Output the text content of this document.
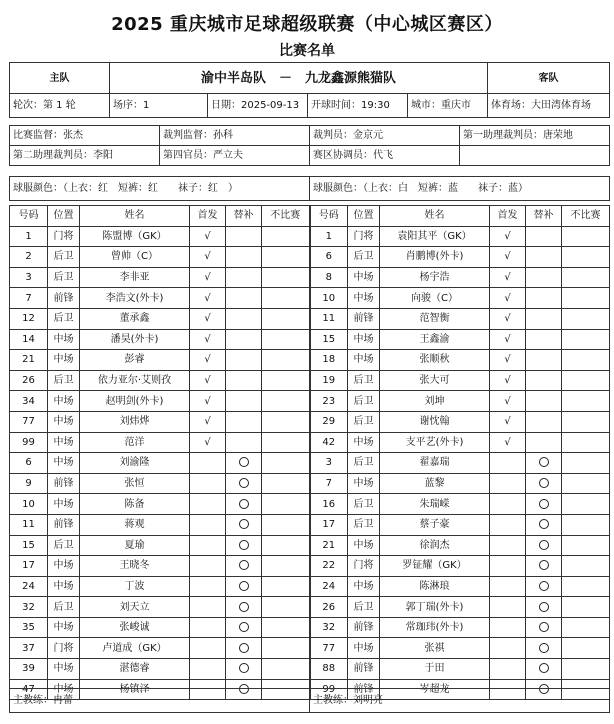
2025 重庆城市足球超级联赛（中心城区赛区）
比赛名单
主队	渝中半岛队　－　九龙鑫源熊猫队				客队
轮次：第 1 轮	场序：1	日期：2025-09-13	开球时间：19:30	城市：重庆市	体育场：大田湾体育场
比赛监督：张杰	裁判监督：孙科	裁判员：金京元	第一助理裁判员：唐荣地
第二助理裁判员：李阳	第四官员：严立夫	赛区协调员：代飞	
球服颜色：（上衣：红　短裤：红　　袜子：红　）	球服颜色：（上衣：白　短裤：蓝　　袜子：蓝）
号码	位置	姓名	首发	替补	不比赛	号码	位置	姓名	首发	替补	不比赛
1	门将	陈盟博（GK）	√			1	门将	袁阳其平（GK）	√		
2	后卫	曾帅（C）	√			6	后卫	肖鹏博(外卡)	√		
3	后卫	李非亚	√			8	中场	杨宇浩	√		
7	前锋	李浩文(外卡)	√			10	中场	向骏（C）	√		
12	后卫	董承鑫	√			11	前锋	范智衡	√		
14	中场	潘昊(外卡)	√			15	中场	王鑫渝	√		
21	中场	彭睿	√			18	中场	张顺秋	√		
26	后卫	依力亚尔·艾则孜	√			19	后卫	张大可	√		
34	中场	赵明剑(外卡)	√			23	后卫	刘坤	√		
77	中场	刘炜烨	√			29	后卫	谢忱翰	√		
99	中场	范洋	√			42	中场	支平艺(外卡)	√		
6	中场	刘渝隆				3	后卫	翟嘉瑞			
9	前锋	张恒				7	中场	蓝黎			
10	中场	陈备				16	后卫	朱瑞嵘			
11	前锋	蒋观				17	后卫	蔡子豪			
15	后卫	夏瑜				21	中场	徐润杰			
17	中场	王晓冬				22	门将	罗钲耀（GK）			
24	中场	丁波				24	中场	陈淋琅			
32	后卫	刘天立				26	后卫	郭丁瑞(外卡)			
35	中场	张峻诚				32	前锋	常珈玮(外卡)			
37	门将	卢道成（GK）				77	中场	张祺			
39	中场	湛德睿				88	前锋	于田			
47	中场	杨镇泽				99	前锋	岑超龙			
主教练：冉蕾	主教练：刘明亮
